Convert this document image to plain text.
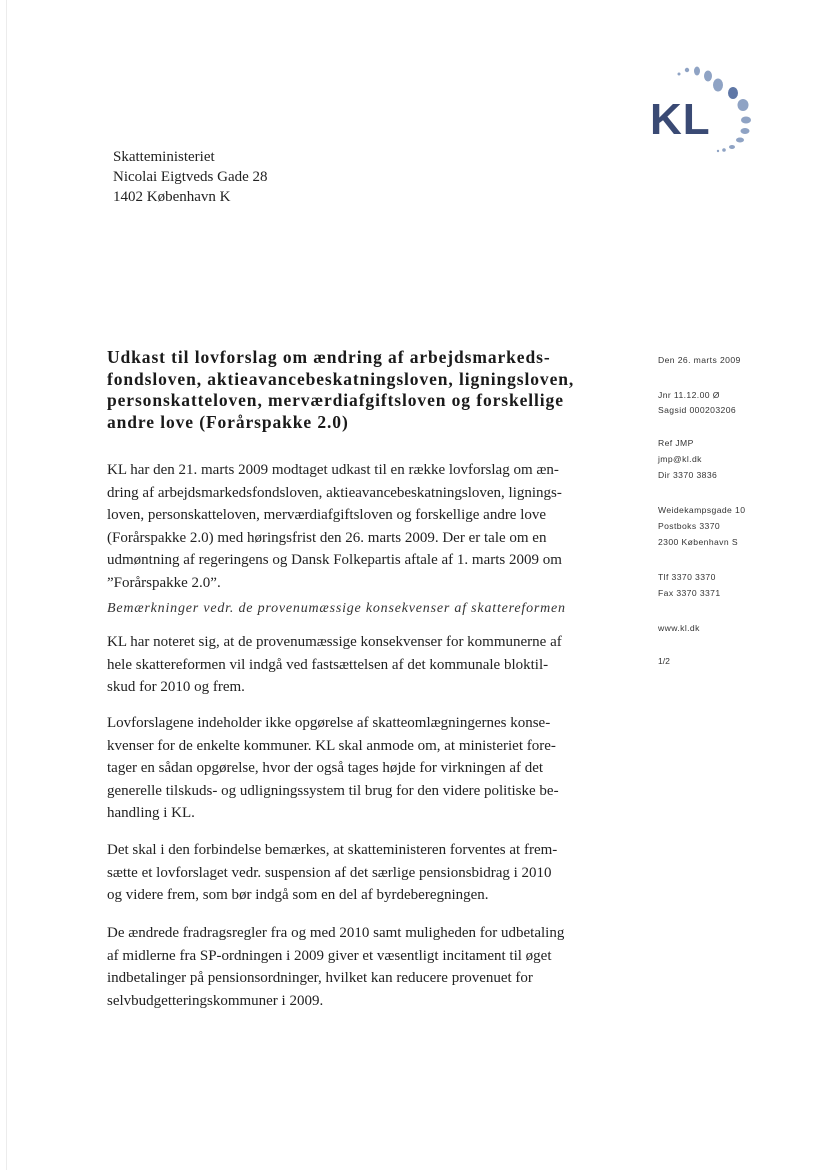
KL
Skatteministeriet
Nicolai Eigtveds Gade 28
1402 København K
Udkast til lovforslag om ændring af arbejdsmarkeds-
fondsloven, aktieavancebeskatningsloven, ligningsloven,
personskatteloven, merværdiafgiftsloven og forskellige
andre love (Forårspakke 2.0)
KL har den 21. marts 2009 modtaget udkast til en række lovforslag om æn-
dring af arbejdsmarkedsfondsloven, aktieavancebeskatningsloven, lignings-
loven, personskatteloven, merværdiafgiftsloven og forskellige andre love
(Forårspakke 2.0) med høringsfrist den 26. marts 2009. Der er tale om en
udmøntning af regeringens og Dansk Folkepartis aftale af 1. marts 2009 om
”Forårspakke 2.0”.
Bemærkninger vedr. de provenumæssige konsekvenser af skattereformen
KL har noteret sig, at de provenumæssige konsekvenser for kommunerne af
hele skattereformen vil indgå ved fastsættelsen af det kommunale bloktil-
skud for 2010 og frem.
Lovforslagene indeholder ikke opgørelse af skatteomlægningernes konse-
kvenser for de enkelte kommuner. KL skal anmode om, at ministeriet fore-
tager en sådan opgørelse, hvor der også tages højde for virkningen af det
generelle tilskuds- og udligningssystem til brug for den videre politiske be-
handling i KL.
Det skal i den forbindelse bemærkes, at skatteministeren forventes at frem-
sætte et lovforslaget vedr. suspension af det særlige pensionsbidrag i 2010
og videre frem, som bør indgå som en del af byrdeberegningen.
De ændrede fradragsregler fra og med 2010 samt muligheden for udbetaling
af midlerne fra SP-ordningen i 2009 giver et væsentligt incitament til øget
indbetalinger på pensionsordninger, hvilket kan reducere provenuet for
selvbudgetteringskommuner i 2009.
Den 26. marts 2009
Jnr 11.12.00 Ø
Sagsid 000203206
Ref JMP
jmp@kl.dk
Dir 3370 3836
Weidekampsgade 10
Postboks 3370
2300 København S
Tlf 3370 3370
Fax 3370 3371
www.kl.dk
1/2
